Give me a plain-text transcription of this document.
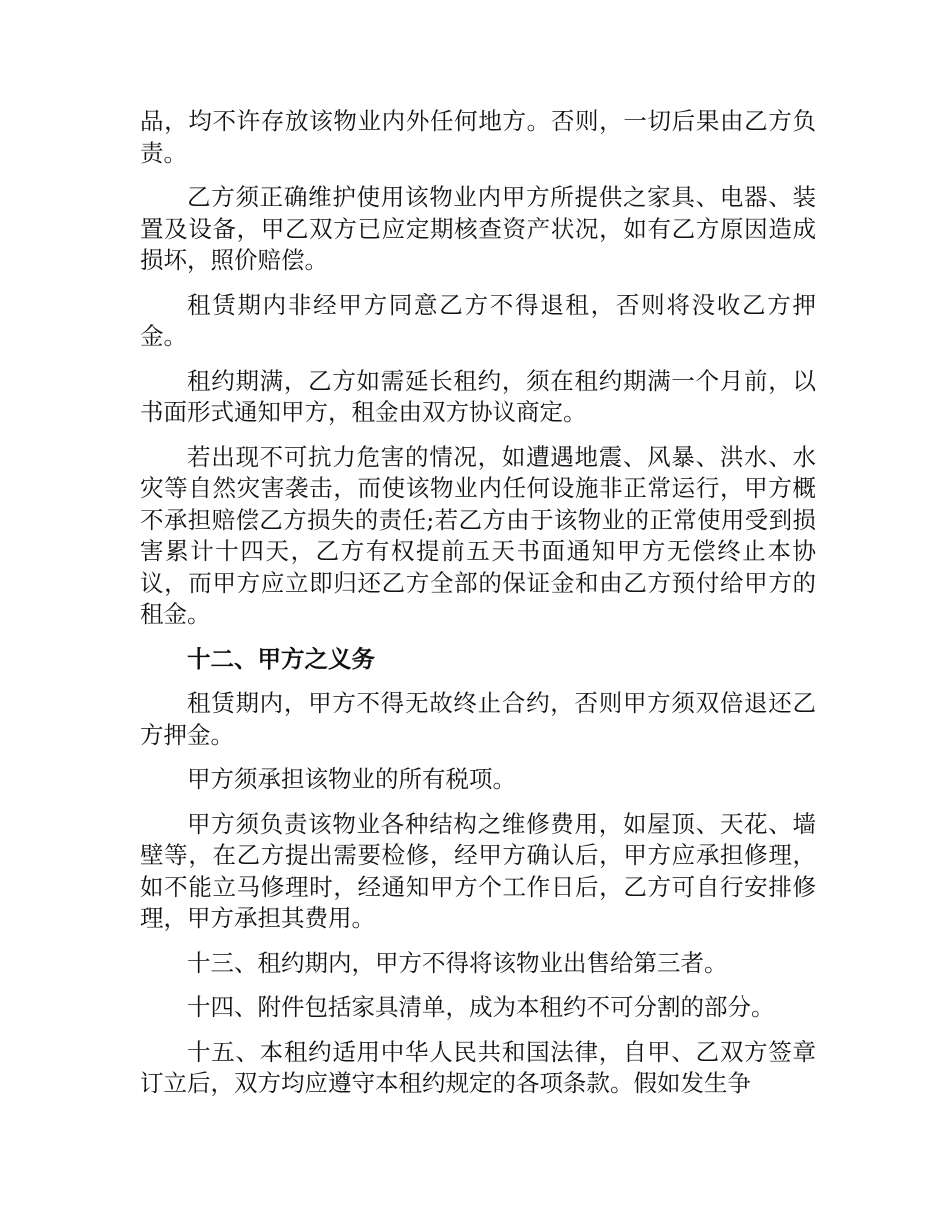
品，均不许存放该物业内外任何地方。否则，一切后果由乙方负责。

乙方须正确维护使用该物业内甲方所提供之家具、电器、装置及设备，甲乙双方已应定期核查资产状况，如有乙方原因造成损坏，照价赔偿。

租赁期内非经甲方同意乙方不得退租，否则将没收乙方押金。

租约期满，乙方如需延长租约，须在租约期满一个月前，以书面形式通知甲方，租金由双方协议商定。

若出现不可抗力危害的情况，如遭遇地震、风暴、洪水、水灾等自然灾害袭击，而使该物业内任何设施非正常运行，甲方概不承担赔偿乙方损失的责任;若乙方由于该物业的正常使用受到损害累计十四天，乙方有权提前五天书面通知甲方无偿终止本协议，而甲方应立即归还乙方全部的保证金和由乙方预付给甲方的租金。

十二、甲方之义务

租赁期内，甲方不得无故终止合约，否则甲方须双倍退还乙方押金。

甲方须承担该物业的所有税项。

甲方须负责该物业各种结构之维修费用，如屋顶、天花、墙壁等，在乙方提出需要检修，经甲方确认后，甲方应承担修理，如不能立马修理时，经通知甲方个工作日后，乙方可自行安排修理，甲方承担其费用。

十三、租约期内，甲方不得将该物业出售给第三者。

十四、附件包括家具清单，成为本租约不可分割的部分。

十五、本租约适用中华人民共和国法律，自甲、乙双方签章订立后，双方均应遵守本租约规定的各项条款。假如发生争
